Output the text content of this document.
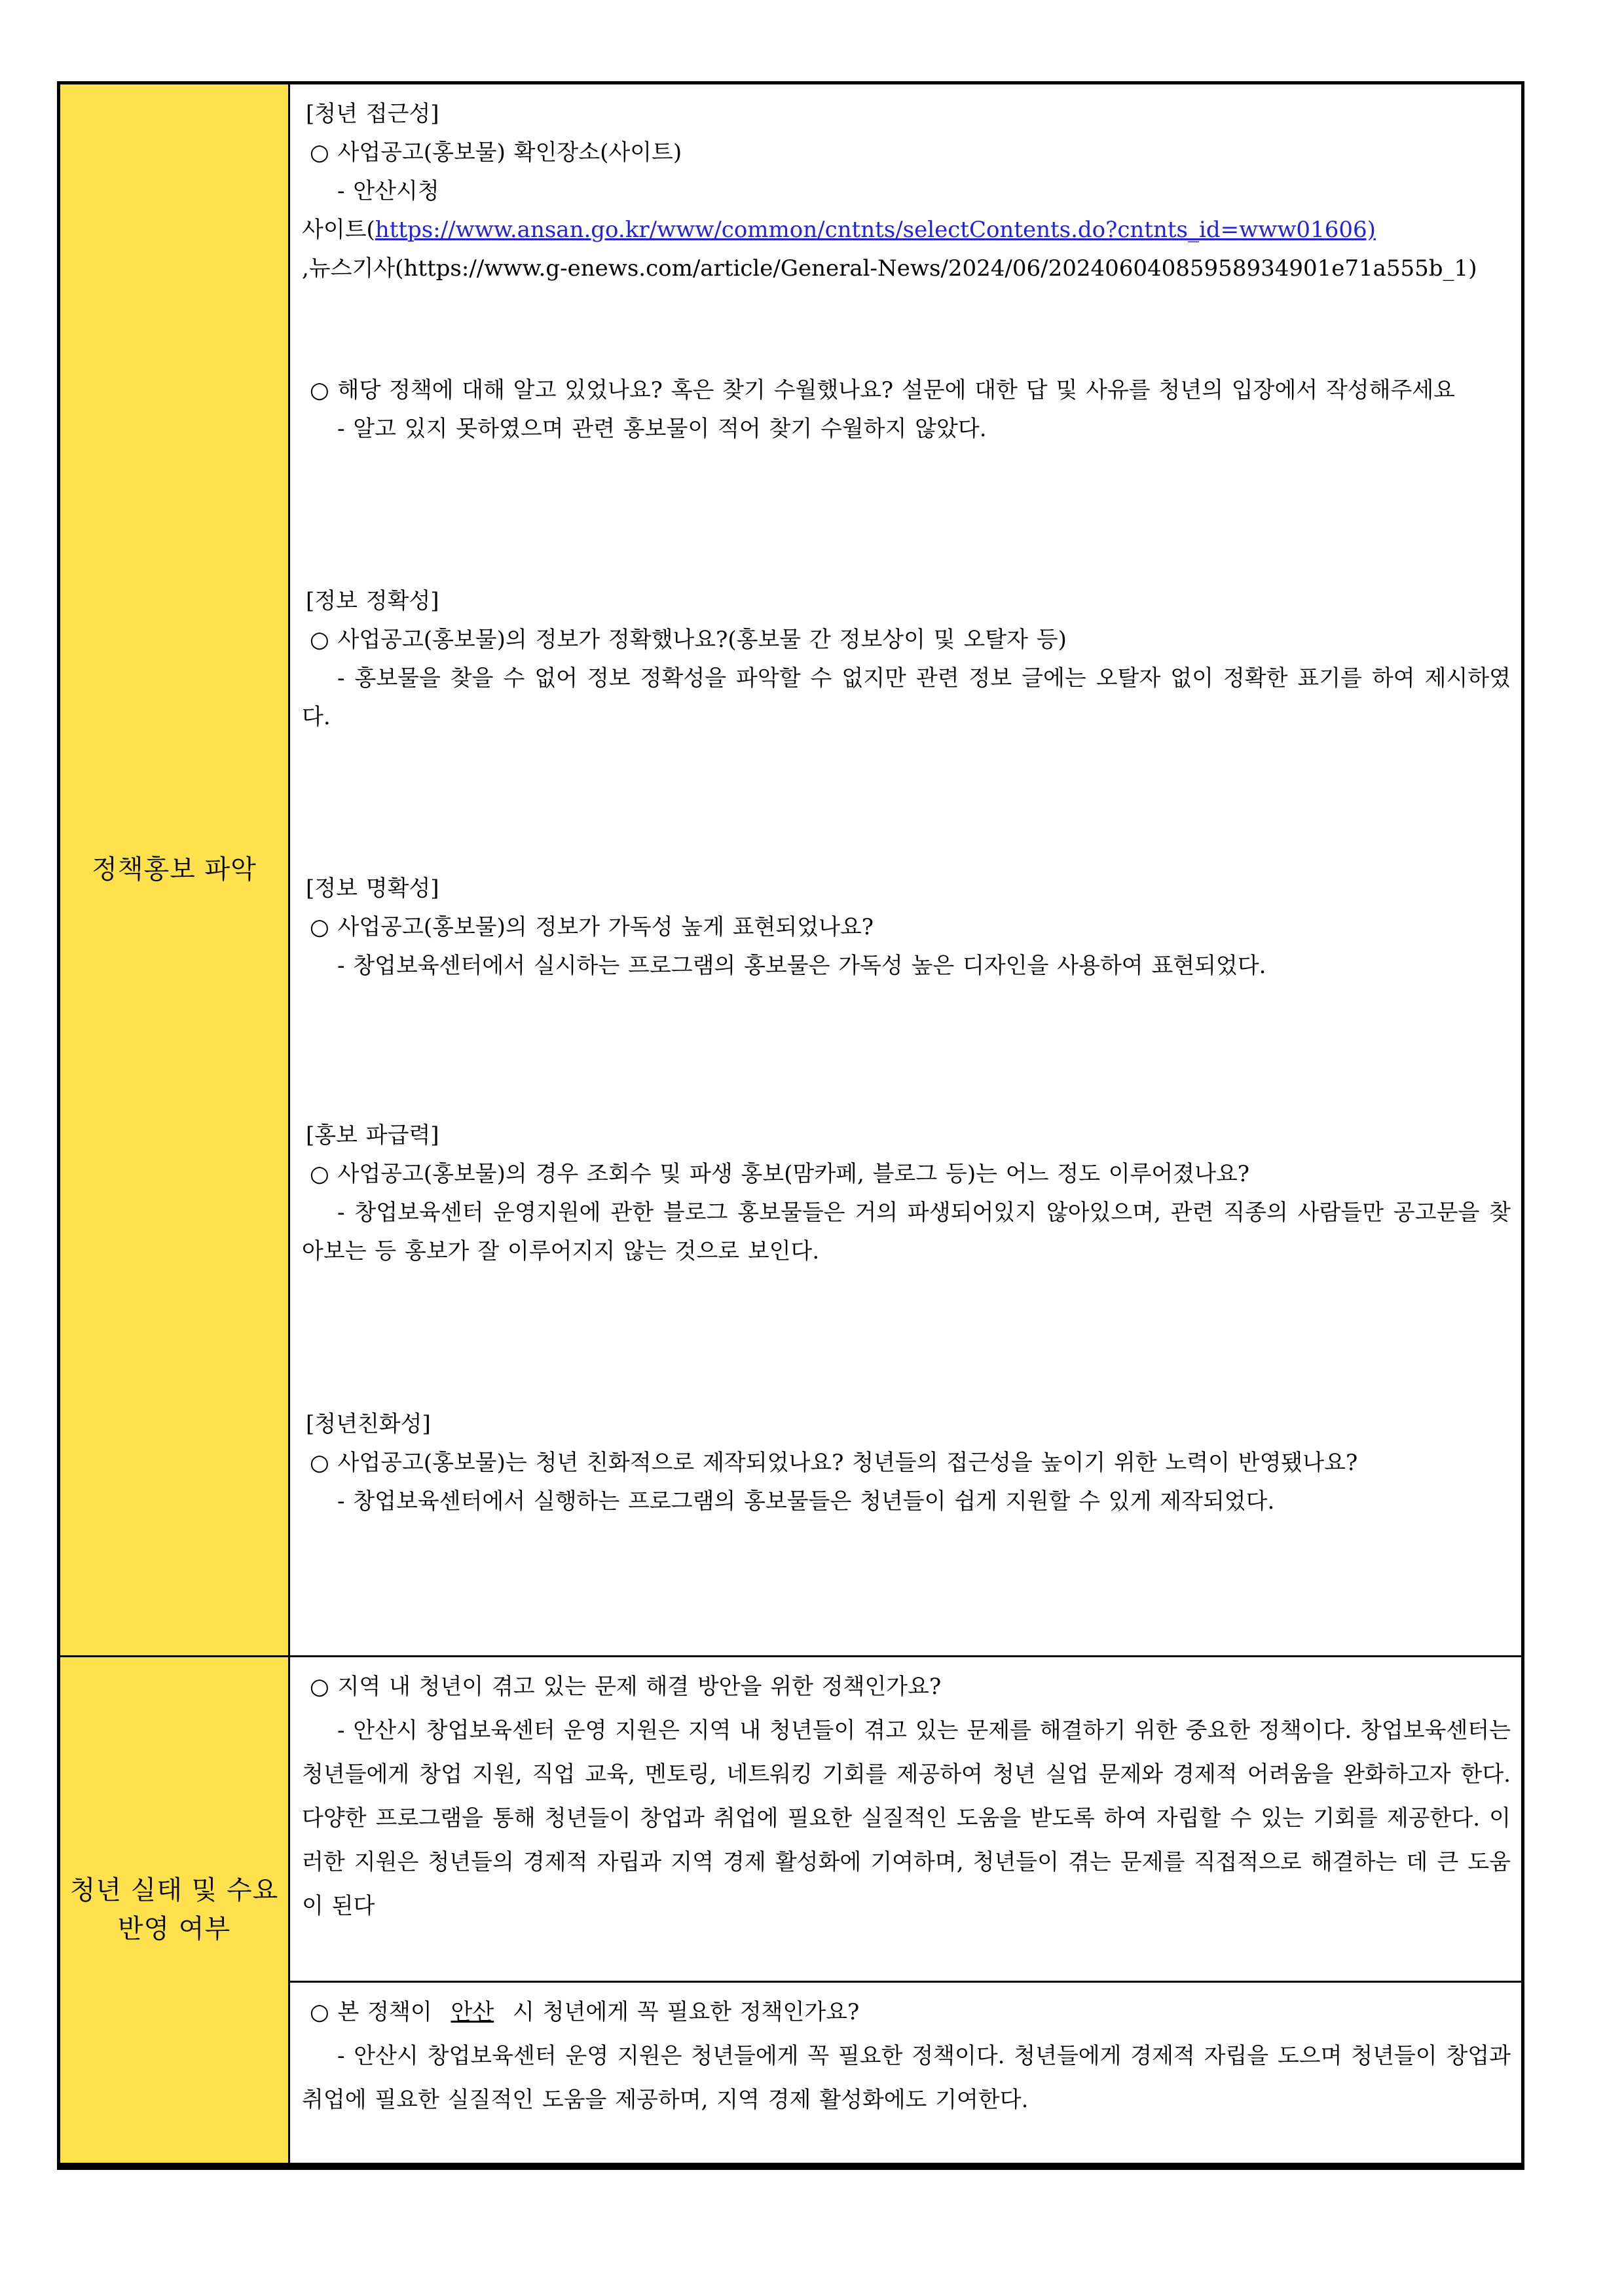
정책홍보 파악
[청년 접근성]
○ 사업공고(홍보물) 확인장소(사이트)
- 안산시청
사이트(https://www.ansan.go.kr/www/common/cntnts/selectContents.do?cntnts_id=www01606)
,뉴스기사(https://www.g-enews.com/article/General-News/2024/06/20240604085958934901e71a555b_1)
○ 해당 정책에 대해 알고 있었나요? 혹은 찾기 수월했나요? 설문에 대한 답 및 사유를 청년의 입장에서 작성해주세요
- 알고 있지 못하였으며 관련 홍보물이 적어 찾기 수월하지 않았다.
[정보 정확성]
○ 사업공고(홍보물)의 정보가 정확했나요?(홍보물 간 정보상이 및 오탈자 등)
- 홍보물을 찾을 수 없어 정보 정확성을 파악할 수 없지만 관련 정보 글에는 오탈자 없이 정확한 표기를 하여 제시하였다.
[정보 명확성]
○ 사업공고(홍보물)의 정보가 가독성 높게 표현되었나요?
- 창업보육센터에서 실시하는 프로그램의 홍보물은 가독성 높은 디자인을 사용하여 표현되었다.
[홍보 파급력]
○ 사업공고(홍보물)의 경우 조회수 및 파생 홍보(맘카페, 블로그 등)는 어느 정도 이루어졌나요?
- 창업보육센터 운영지원에 관한 블로그 홍보물들은 거의 파생되어있지 않아있으며, 관련 직종의 사람들만 공고문을 찾아보는 등 홍보가 잘 이루어지지 않는 것으로 보인다.
[청년친화성]
○ 사업공고(홍보물)는 청년 친화적으로 제작되었나요? 청년들의 접근성을 높이기 위한 노력이 반영됐나요?
- 창업보육센터에서 실행하는 프로그램의 홍보물들은 청년들이 쉽게 지원할 수 있게 제작되었다.
청년 실태 및 수요
반영 여부
○ 지역 내 청년이 겪고 있는 문제 해결 방안을 위한 정책인가요?
- 안산시 창업보육센터 운영 지원은 지역 내 청년들이 겪고 있는 문제를 해결하기 위한 중요한 정책이다. 창업보육센터는 청년들에게 창업 지원, 직업 교육, 멘토링, 네트워킹 기회를 제공하여 청년 실업 문제와 경제적 어려움을 완화하고자 한다. 다양한 프로그램을 통해 청년들이 창업과 취업에 필요한 실질적인 도움을 받도록 하여 자립할 수 있는 기회를 제공한다. 이러한 지원은 청년들의 경제적 자립과 지역 경제 활성화에 기여하며, 청년들이 겪는 문제를 직접적으로 해결하는 데 큰 도움이 된다
○ 본 정책이 안산 시 청년에게 꼭 필요한 정책인가요?
- 안산시 창업보육센터 운영 지원은 청년들에게 꼭 필요한 정책이다. 청년들에게 경제적 자립을 도으며 청년들이 창업과 취업에 필요한 실질적인 도움을 제공하며, 지역 경제 활성화에도 기여한다.
